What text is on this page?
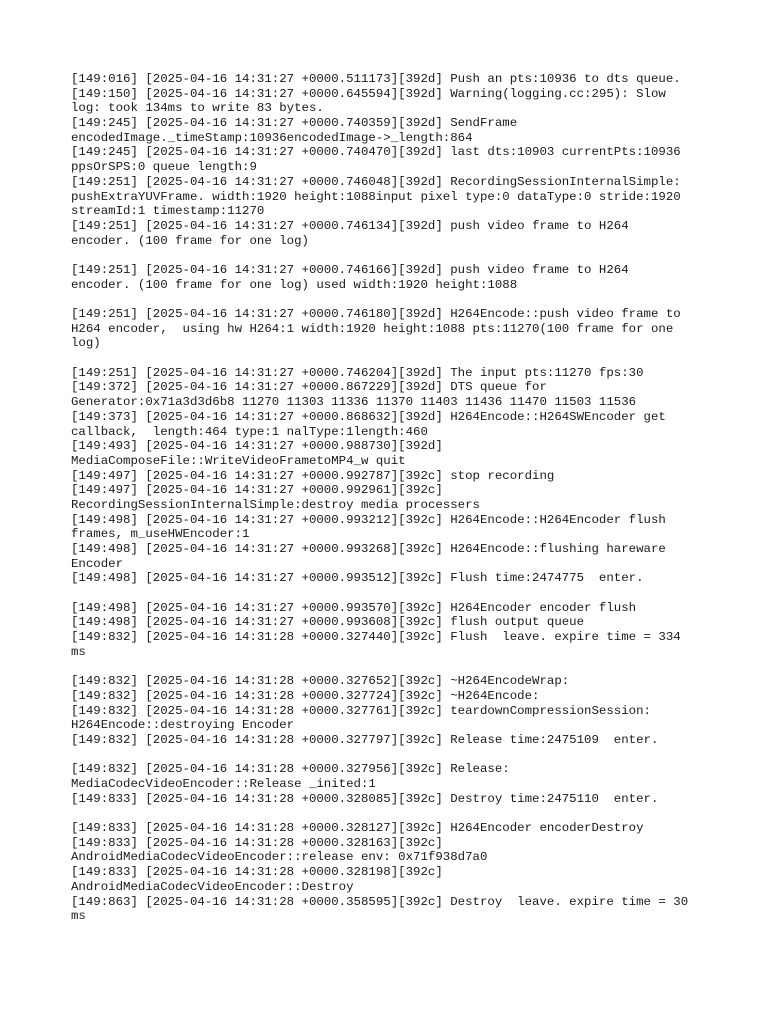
[149:016] [2025-04-16 14:31:27 +0000.511173][392d] Push an pts:10936 to dts queue.
[149:150] [2025-04-16 14:31:27 +0000.645594][392d] Warning(logging.cc:295): Slow
log: took 134ms to write 83 bytes.
[149:245] [2025-04-16 14:31:27 +0000.740359][392d] SendFrame
encodedImage._timeStamp:10936encodedImage->_length:864
[149:245] [2025-04-16 14:31:27 +0000.740470][392d] last dts:10903 currentPts:10936
ppsOrSPS:0 queue length:9
[149:251] [2025-04-16 14:31:27 +0000.746048][392d] RecordingSessionInternalSimple:
pushExtraYUVFrame. width:1920 height:1088input pixel type:0 dataType:0 stride:1920
streamId:1 timestamp:11270
[149:251] [2025-04-16 14:31:27 +0000.746134][392d] push video frame to H264
encoder. (100 frame for one log)
[149:251] [2025-04-16 14:31:27 +0000.746166][392d] push video frame to H264
encoder. (100 frame for one log) used width:1920 height:1088
[149:251] [2025-04-16 14:31:27 +0000.746180][392d] H264Encode::push video frame to
H264 encoder,  using hw H264:1 width:1920 height:1088 pts:11270(100 frame for one
log)
[149:251] [2025-04-16 14:31:27 +0000.746204][392d] The input pts:11270 fps:30
[149:372] [2025-04-16 14:31:27 +0000.867229][392d] DTS queue for
Generator:0x71a3d3d6b8 11270 11303 11336 11370 11403 11436 11470 11503 11536
[149:373] [2025-04-16 14:31:27 +0000.868632][392d] H264Encode::H264SWEncoder get
callback,  length:464 type:1 nalType:1length:460
[149:493] [2025-04-16 14:31:27 +0000.988730][392d]
MediaComposeFile::WriteVideoFrametoMP4_w quit
[149:497] [2025-04-16 14:31:27 +0000.992787][392c] stop recording
[149:497] [2025-04-16 14:31:27 +0000.992961][392c]
RecordingSessionInternalSimple:destroy media processers
[149:498] [2025-04-16 14:31:27 +0000.993212][392c] H264Encode::H264Encoder flush
frames, m_useHWEncoder:1
[149:498] [2025-04-16 14:31:27 +0000.993268][392c] H264Encode::flushing hareware
Encoder
[149:498] [2025-04-16 14:31:27 +0000.993512][392c] Flush time:2474775  enter.
[149:498] [2025-04-16 14:31:27 +0000.993570][392c] H264Encoder encoder flush
[149:498] [2025-04-16 14:31:27 +0000.993608][392c] flush output queue
[149:832] [2025-04-16 14:31:28 +0000.327440][392c] Flush  leave. expire time = 334
ms
[149:832] [2025-04-16 14:31:28 +0000.327652][392c] ~H264EncodeWrap:
[149:832] [2025-04-16 14:31:28 +0000.327724][392c] ~H264Encode:
[149:832] [2025-04-16 14:31:28 +0000.327761][392c] teardownCompressionSession:
H264Encode::destroying Encoder
[149:832] [2025-04-16 14:31:28 +0000.327797][392c] Release time:2475109  enter.
[149:832] [2025-04-16 14:31:28 +0000.327956][392c] Release:
MediaCodecVideoEncoder::Release _inited:1
[149:833] [2025-04-16 14:31:28 +0000.328085][392c] Destroy time:2475110  enter.
[149:833] [2025-04-16 14:31:28 +0000.328127][392c] H264Encoder encoderDestroy
[149:833] [2025-04-16 14:31:28 +0000.328163][392c]
AndroidMediaCodecVideoEncoder::release env: 0x71f938d7a0
[149:833] [2025-04-16 14:31:28 +0000.328198][392c]
AndroidMediaCodecVideoEncoder::Destroy
[149:863] [2025-04-16 14:31:28 +0000.358595][392c] Destroy  leave. expire time = 30
ms
